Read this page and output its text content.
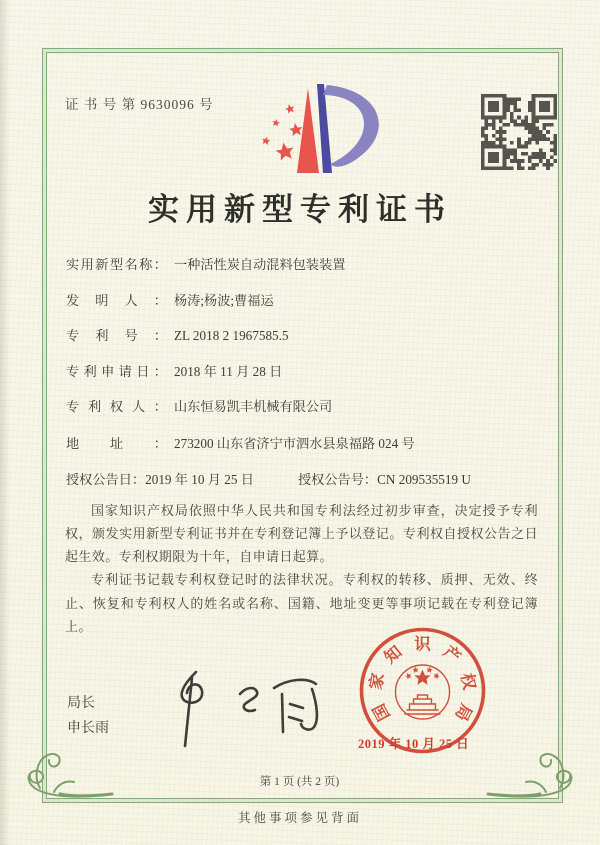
证 书 号 第 9630096 号
实用新型专利证书
实用新型名称： 一种活性炭自动混料包装装置
发明人： 杨涛;杨波;曹福运
专利号： ZL 2018 2 1967585.5
专利申请日： 2018 年 11 月 28 日
专利权人： 山东恒易凯丰机械有限公司
地址： 273200 山东省济宁市泗水县泉福路 024 号
授权公告日：2019 年 10 月 25 日	授权公告号：CN 209535519 U

国家知识产权局依照中华人民共和国专利法经过初步审查，决定授予专利权，颁发实用新型专利证书并在专利登记簿上予以登记。专利权自授权公告之日起生效。专利权期限为十年，自申请日起算。

专利证书记载专利权登记时的法律状况。专利权的转移、质押、无效、终止、恢复和专利权人的姓名或名称、国籍、地址变更等事项记载在专利登记簿上。

局长
申长雨
国
家
知 识 产
权
局
2019 年 10 月 25 日
第 1 页 (共 2 页)
其他事项参见背面
